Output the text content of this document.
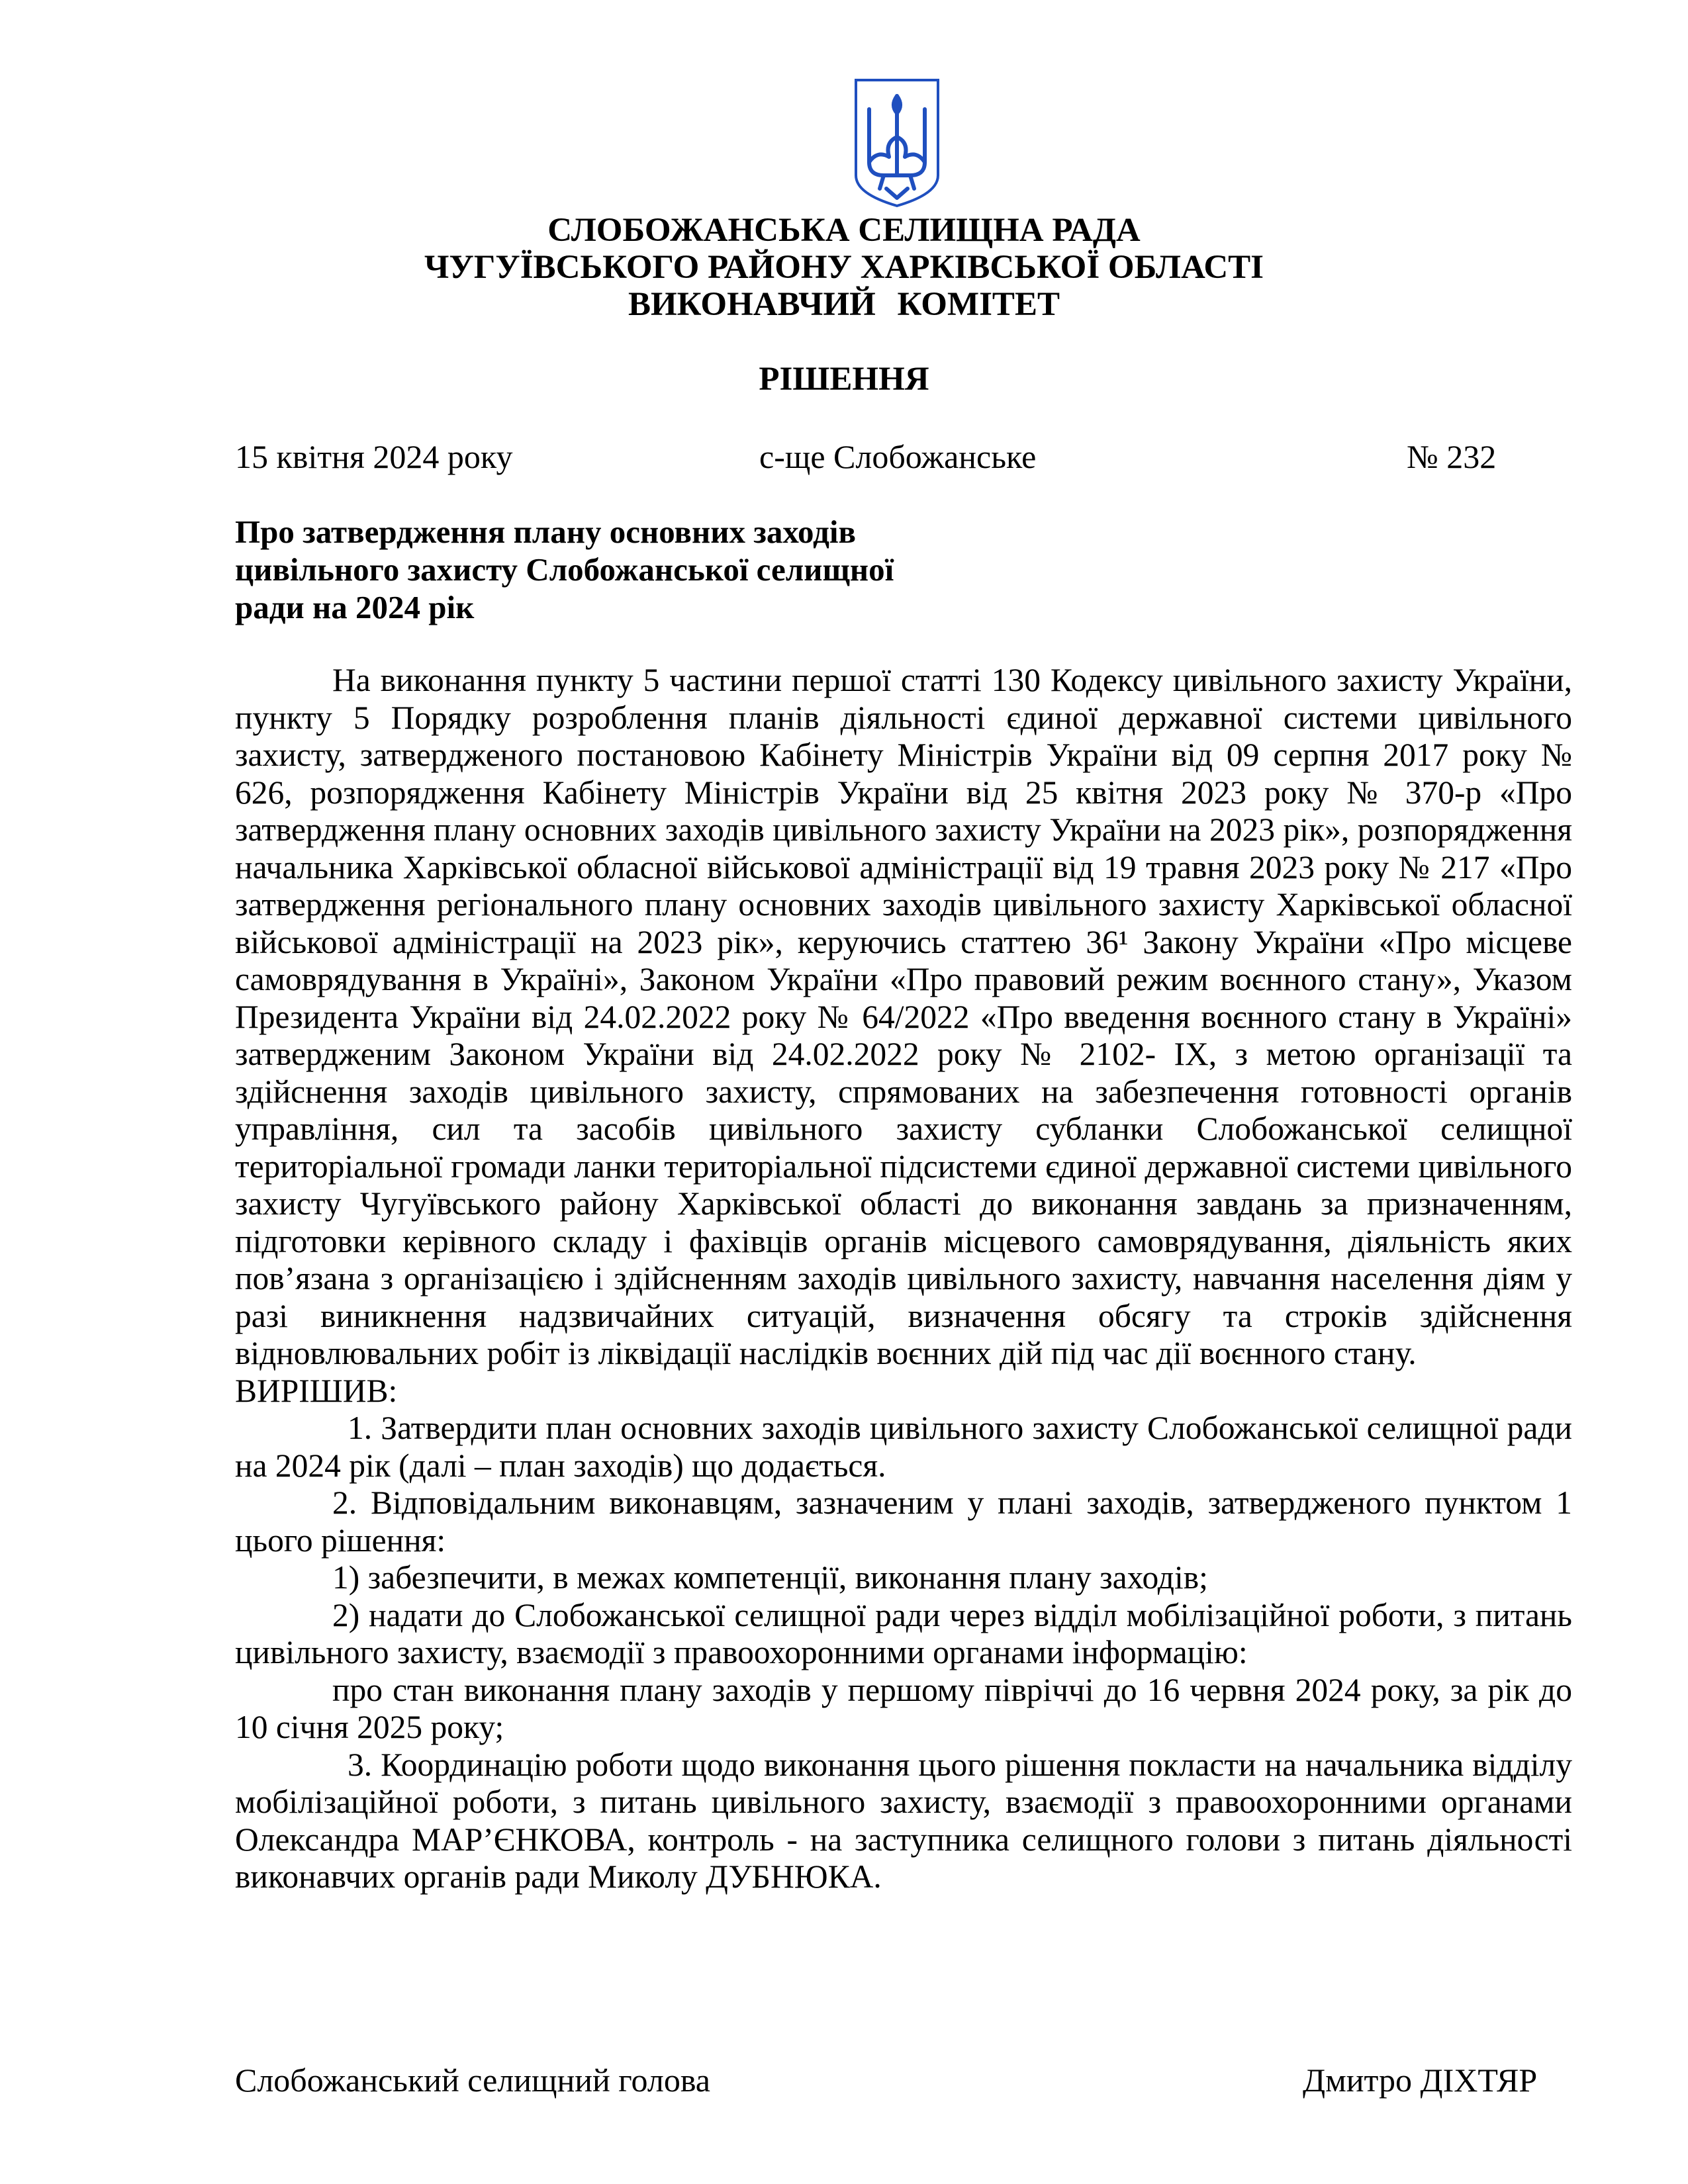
СЛОБОЖАНСЬКА СЕЛИЩНА РАДА
ЧУГУЇВСЬКОГО РАЙОНУ ХАРКІВСЬКОЇ ОБЛАСТІ
ВИКОНАВЧИЙ КОМІТЕТ
РІШЕННЯ
15 квітня 2024 року	с-ще Слобожанське	№ 232
Про затвердження плану основних заходів
цивільного захисту Слобожанської селищної
ради на 2024 рік

На виконання пункту 5 частини першої статті 130 Кодексу цивільного захисту України, пункту 5 Порядку розроблення планів діяльності єдиної державної системи цивільного захисту, затвердженого постановою Кабінету Міністрів України від 09 серпня 2017 року № 626, розпорядження Кабінету Міністрів України від 25 квітня 2023 року № 370-р «Про затвердження плану основних заходів цивільного захисту України на 2023 рік», розпорядження начальника Харківської обласної військової адміністрації від 19 травня 2023 року № 217 «Про затвердження регіонального плану основних заходів цивільного захисту Харківської обласної військової адміністрації на 2023 рік», керуючись статтею 36¹ Закону України «Про місцеве самоврядування в Україні», Законом України «Про правовий режим воєнного стану», Указом Президента України від 24.02.2022 року № 64/2022 «Про введення воєнного стану в Україні» затвердженим Законом України від 24.02.2022 року № 2102- IX, з метою організації та здійснення заходів цивільного захисту, спрямованих на забезпечення готовності органів управління, сил та засобів цивільного захисту субланки Слобожанської селищної територіальної громади ланки територіальної підсистеми єдиної державної системи цивільного захисту Чугуївського району Харківської області до виконання завдань за призначенням, підготовки керівного складу і фахівців органів місцевого самоврядування, діяльність яких пов’язана з організацією і здійсненням заходів цивільного захисту, навчання населення діям у разі виникнення надзвичайних ситуацій, визначення обсягу та строків здійснення відновлювальних робіт із ліквідації наслідків воєнних дій під час дії воєнного стану.

ВИРІШИВ:

1. Затвердити план основних заходів цивільного захисту Слобожанської селищної ради на 2024 рік (далі – план заходів) що додається.

2. Відповідальним виконавцям, зазначеним у плані заходів, затвердженого пунктом 1 цього рішення:

1) забезпечити, в межах компетенції, виконання плану заходів;

2) надати до Слобожанської селищної ради через відділ мобілізаційної роботи, з питань цивільного захисту, взаємодії з правоохоронними органами інформацію:

про стан виконання плану заходів у першому півріччі до 16 червня 2024 року, за рік до 10 січня 2025 року;

3. Координацію роботи щодо виконання цього рішення покласти на начальника відділу мобілізаційної роботи, з питань цивільного захисту, взаємодії з правоохоронними органами Олександра МАР’ЄНКОВА, контроль - на заступника селищного голови з питань діяльності виконавчих органів ради Миколу ДУБНЮКА.

Слобожанський селищний голова	Дмитро ДІХТЯР
